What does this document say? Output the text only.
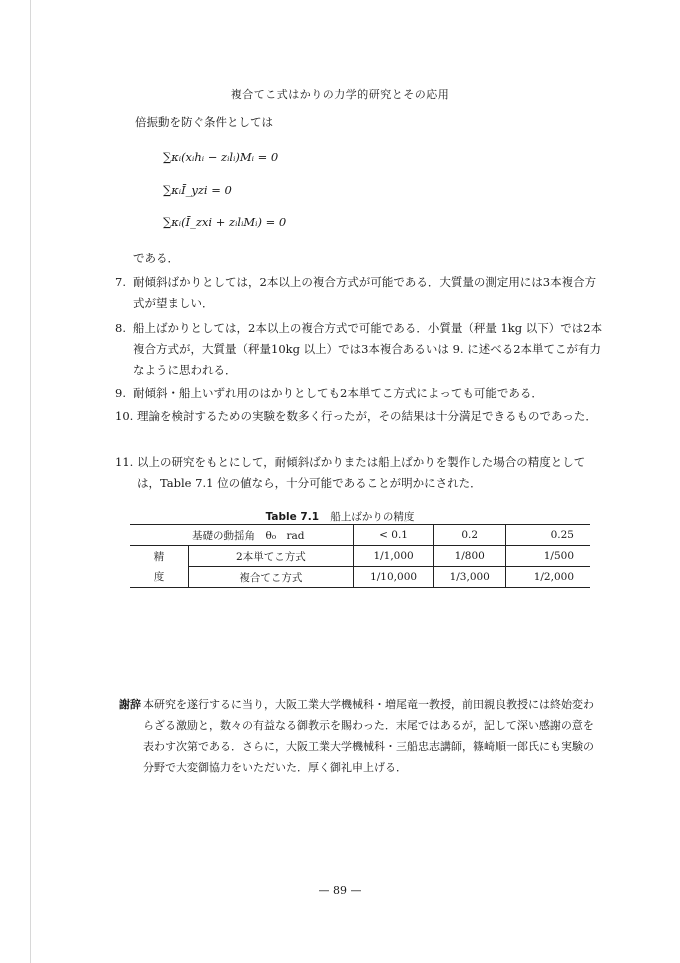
複合てこ式はかりの力学的研究とその応用
倍振動を防ぐ条件としては
∑κᵢ(xᵢhᵢ − zᵢlᵢ)Mᵢ = 0
∑κᵢĪ_yzi = 0
∑κᵢ(Ī_zxi + zᵢlᵢMᵢ) = 0
である．
7. 耐傾斜ばかりとしては，2本以上の複合方式が可能である．大質量の測定用には3本複合方式が望ましい．
8. 船上ばかりとしては，2本以上の複合方式で可能である．小質量（秤量 1kg 以下）では2本複合方式が，大質量（秤量10kg 以上）では3本複合あるいは 9. に述べる2本単てこが有力なように思われる．
9. 耐傾斜・船上いずれ用のはかりとしても2本単てこ方式によっても可能である．
10. 理論を検討するための実験を数多く行ったが，その結果は十分満足できるものであった．
11. 以上の研究をもとにして，耐傾斜ばかりまたは船上ばかりを製作した場合の精度としては，Table 7.1 位の値なら，十分可能であることが明かにされた．
Table 7.1 船上ばかりの精度
基礎の動揺角　θ₀　rad		< 0.1	0.2	0.25
精	2本単てこ方式	1/1,000	1/800	1/500
度	複合てこ方式	1/10,000	1/3,000	1/2,000
謝辞 本研究を遂行するに当り，大阪工業大学機械科・増尾竜一教授，前田親良教授には終始変わらざる激励と，数々の有益なる御教示を賜わった．末尾ではあるが，記して深い感謝の意を表わす次第である．さらに，大阪工業大学機械科・三船忠志講師，篠崎順一郎氏にも実験の分野で大変御協力をいただいた．厚く御礼申上げる．
— 89 —
